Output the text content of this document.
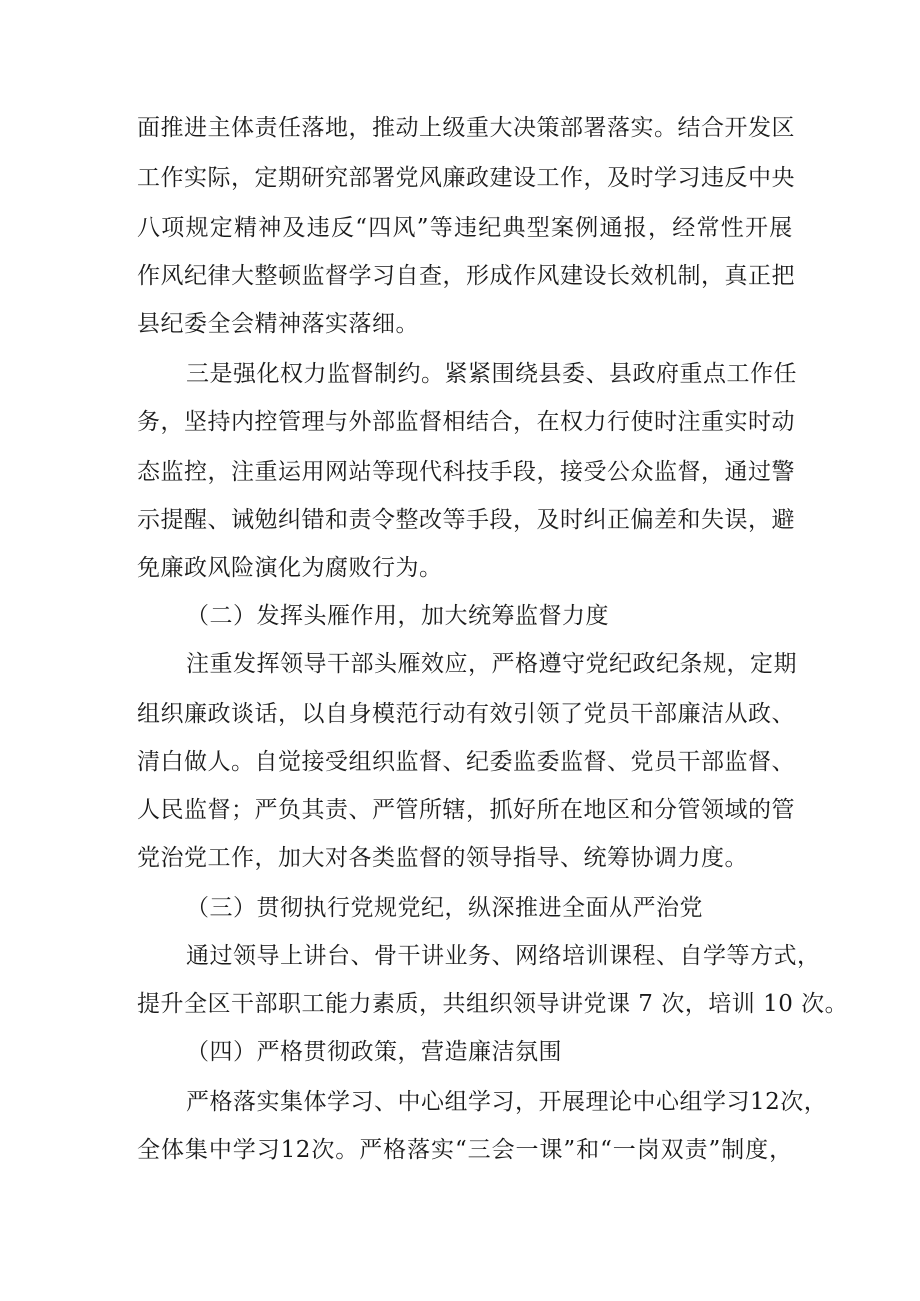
面 推 进 主 体 责 任 落 地 ， 推 动 上 级 重 大 决 策 部 署 落 实 。 结 合 开 发 区
工 作 实 际 ， 定 期 研 究 部 署 党 风 廉 政 建 设 工 作 ， 及 时 学 习 违 反 中 央
八 项 规 定 精 神 及 违 反 “ 四 风 ” 等 违 纪 典 型 案 例 通 报 ， 经 常 性 开 展
作 风 纪 律 大 整 顿 监 督 学 习 自 查 ， 形 成 作 风 建 设 长 效 机 制 ， 真 正 把
县纪委全会精神落实落细。
三 是 强 化 权 力 监 督 制 约 。 紧 紧 围 绕 县 委 、 县 政 府 重 点 工 作 任
务 ， 坚 持 内 控 管 理 与 外 部 监 督 相 结 合 ， 在 权 力 行 使 时 注 重 实 时 动
态 监 控 ， 注 重 运 用 网 站 等 现 代 科 技 手 段 ， 接 受 公 众 监 督 ， 通 过 警
示 提 醒 、 诫 勉 纠 错 和 责 令 整 改 等 手 段 ， 及 时 纠 正 偏 差 和 失 误 ， 避
免廉政风险演化为腐败行为。
（二）发挥头雁作用，加大统筹监督力度
注 重 发 挥 领 导 干 部 头 雁 效 应 ， 严 格 遵 守 党 纪 政 纪 条 规 ， 定 期
组 织 廉 政 谈 话 ， 以 自 身 模 范 行 动 有 效 引 领 了 党 员 干 部 廉 洁 从 政 、
清 白 做 人 。 自 觉 接 受 组 织 监 督 、 纪 委 监 委 监 督 、 党 员 干 部 监 督 、
人 民 监 督 ； 严 负 其 责 、 严 管 所 辖 ， 抓 好 所 在 地 区 和 分 管 领 域 的 管
党治党工作，加大对各类监督的领导指导、统筹协调力度。
（三）贯彻执行党规党纪，纵深推进全面从严治党
通 过 领 导 上 讲 台 、 骨 干 讲 业 务 、 网 络 培 训 课 程 、 自 学 等 方 式 ，
提升全区干部职工能力素质，共组织领导讲党课 7 次，培训 10 次。
（四）严格贯彻政策，营造廉洁氛围
严 格 落 实 集 体 学 习 、 中 心 组 学 习 ， 开 展 理 论 中 心 组 学 习 12 次 ，
全 体 集 中 学 习 12 次 。 严 格 落 实 “ 三 会 一 课 ” 和 “ 一 岗 双 责 ” 制 度 ，
